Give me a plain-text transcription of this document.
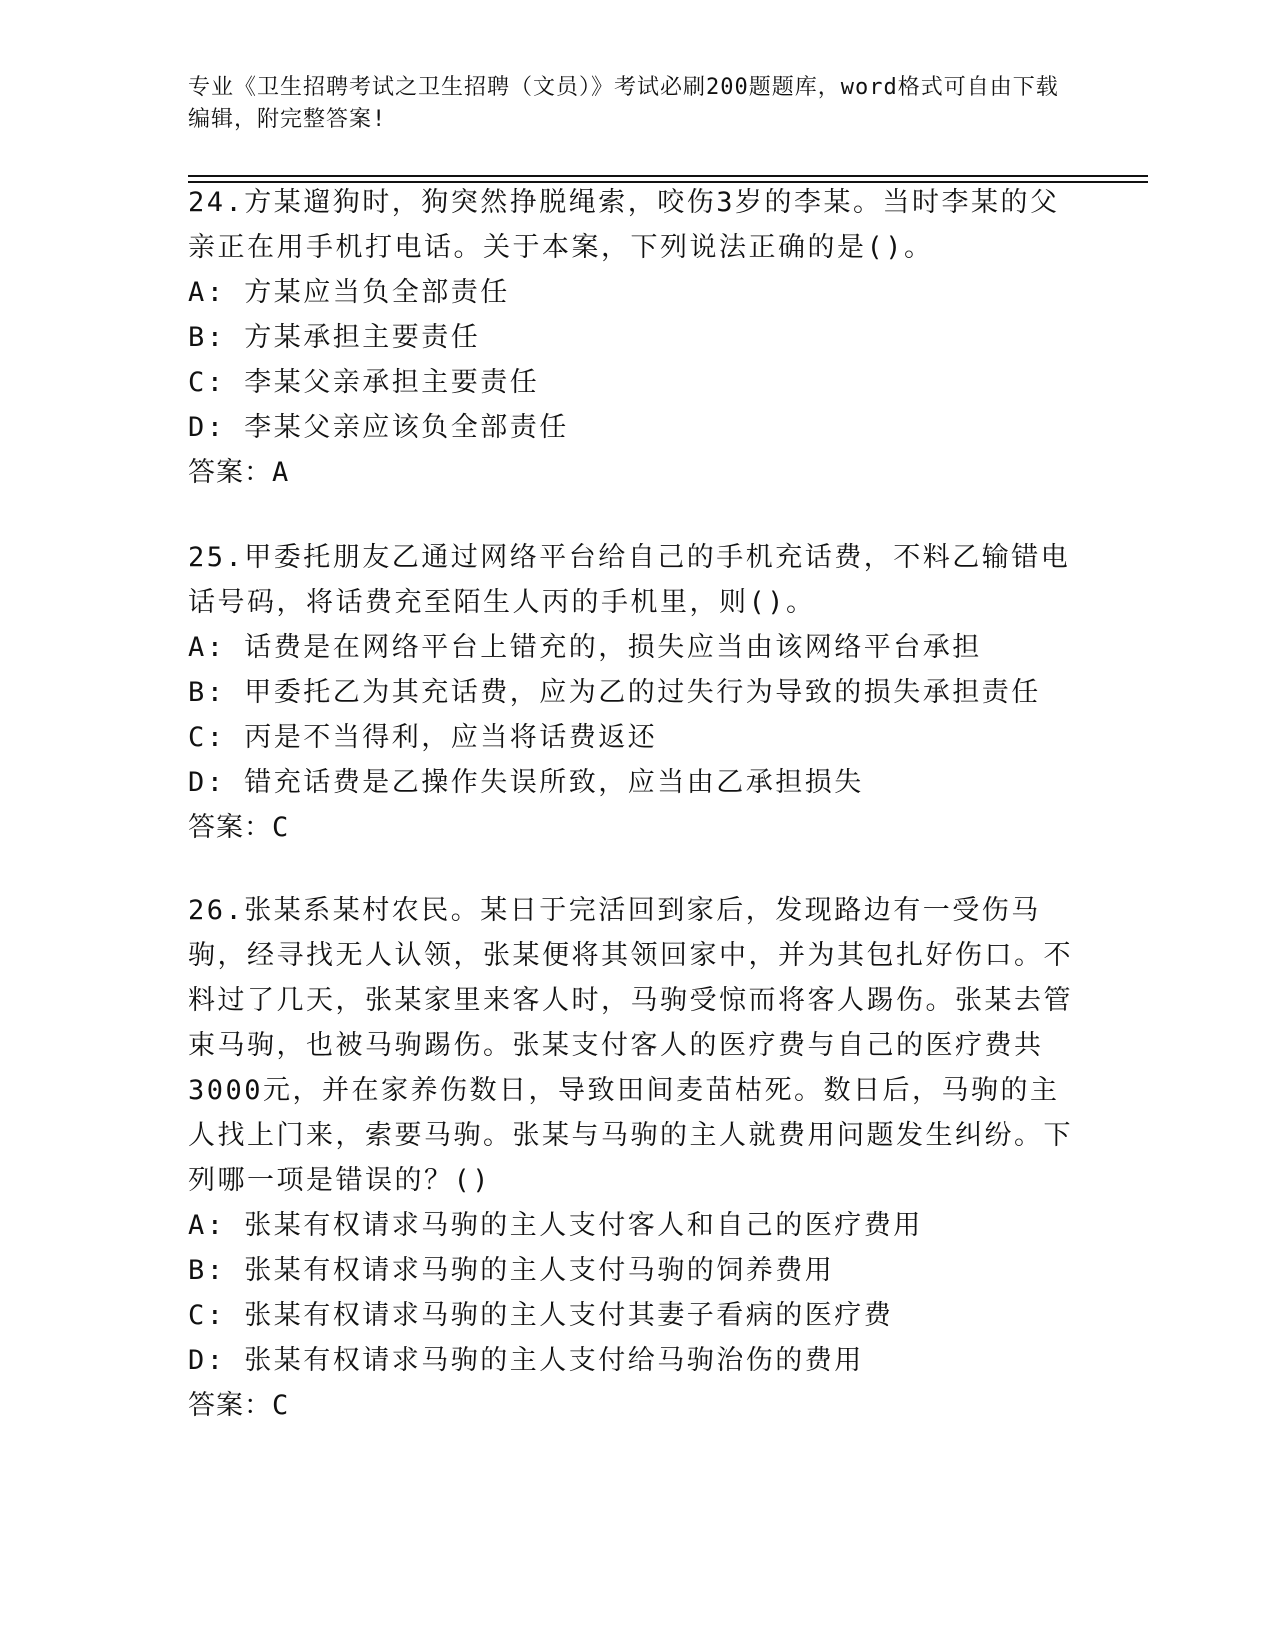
专业《卫生招聘考试之卫生招聘（文员）》考试必刷200题题库，word格式可自由下载编辑，附完整答案!
24.方某遛狗时，狗突然挣脱绳索，咬伤3岁的李某。当时李某的父亲正在用手机打电话。关于本案，下列说法正确的是()。
A: 方某应当负全部责任
B: 方某承担主要责任
C: 李某父亲承担主要责任
D: 李某父亲应该负全部责任
答案：A
25.甲委托朋友乙通过网络平台给自己的手机充话费，不料乙输错电话号码，将话费充至陌生人丙的手机里，则()。
A: 话费是在网络平台上错充的，损失应当由该网络平台承担
B: 甲委托乙为其充话费，应为乙的过失行为导致的损失承担责任
C: 丙是不当得利，应当将话费返还
D: 错充话费是乙操作失误所致，应当由乙承担损失
答案：C
26.张某系某村农民。某日于完活回到家后，发现路边有一受伤马驹，经寻找无人认领，张某便将其领回家中，并为其包扎好伤口。不料过了几天，张某家里来客人时，马驹受惊而将客人踢伤。张某去管束马驹，也被马驹踢伤。张某支付客人的医疗费与自己的医疗费共3000元，并在家养伤数日，导致田间麦苗枯死。数日后，马驹的主人找上门来，索要马驹。张某与马驹的主人就费用问题发生纠纷。下列哪一项是错误的？()
A: 张某有权请求马驹的主人支付客人和自己的医疗费用
B: 张某有权请求马驹的主人支付马驹的饲养费用
C: 张某有权请求马驹的主人支付其妻子看病的医疗费
D: 张某有权请求马驹的主人支付给马驹治伤的费用
答案：C
